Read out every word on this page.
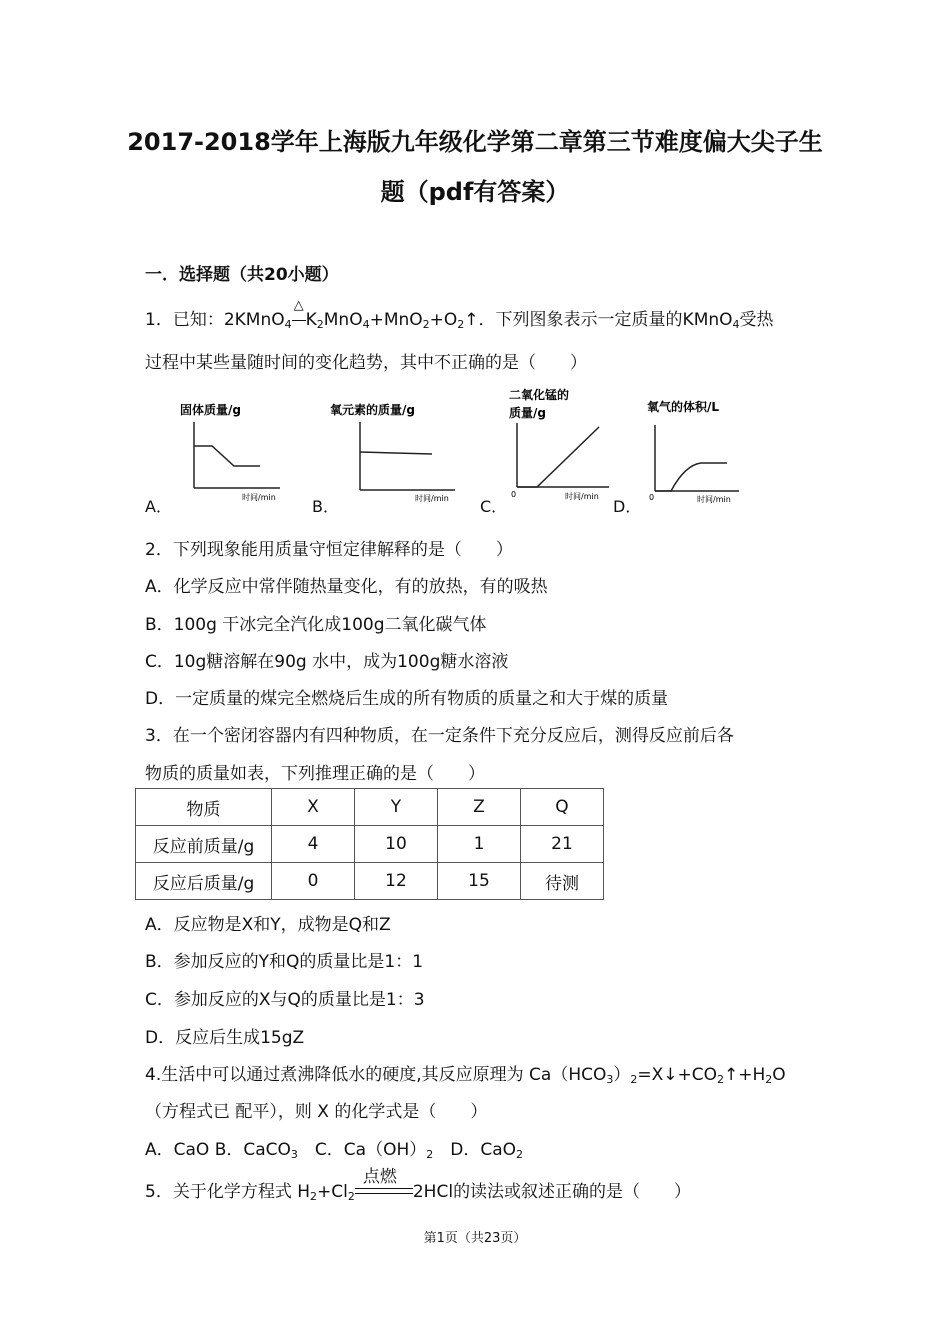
2017-2018学年上海版九年级化学第二章第三节难度偏大尖子生
题（pdf有答案）
一．选择题（共20小题）
1．已知：2KMnO$_4$
△
$K_2MnO_4+MnO_2+O_2↑$．下列图象表示一定质量的KMnO$_4$受热
过程中某些量随时间的变化趋势，其中不正确的是（　　）
A．
固体质量/g
时间/min B．
氧元素的质量/g
时间/min C．
二氧化锰的
质量/g
0	时间/min
D．
氧气的体积/L
0	时间/min
2．下列现象能用质量守恒定律解释的是（　　）
A．化学反应中常伴随热量变化，有的放热，有的吸热
B．100g 干冰完全汽化成100g二氧化碳气体
C．10g糖溶解在90g 水中，成为100g糖水溶液
D．一定质量的煤完全燃烧后生成的所有物质的质量之和大于煤的质量
3．在一个密闭容器内有四种物质，在一定条件下充分反应后，测得反应前后各
物质的质量如表，下列推理正确的是（　　）
物质	X	Y	Z	Q
反应前质量/g	4	10	1	21
反应后质量/g	0	12	15	待测
A．反应物是X和Y，成物是Q和Z
B．参加反应的Y和Q的质量比是1：1
C．参加反应的X与Q的质量比是1：3
D．反应后生成15gZ
4.生活中可以通过煮沸降低水的硬度,其反应原理为 $Ca(HCO_3)_2=X↓+CO_2↑+H_2O$
（方程式已 配平），则 X 的化学式是（　　）
A．CaO B．CaCO$_3$　C．$Ca(OH)_2$　D．CaO$_2$
5．关于化学方程式 $H_2+Cl_2$
点燃
2HCl的读法或叙述正确的是（　　）
第1页（共23页）
